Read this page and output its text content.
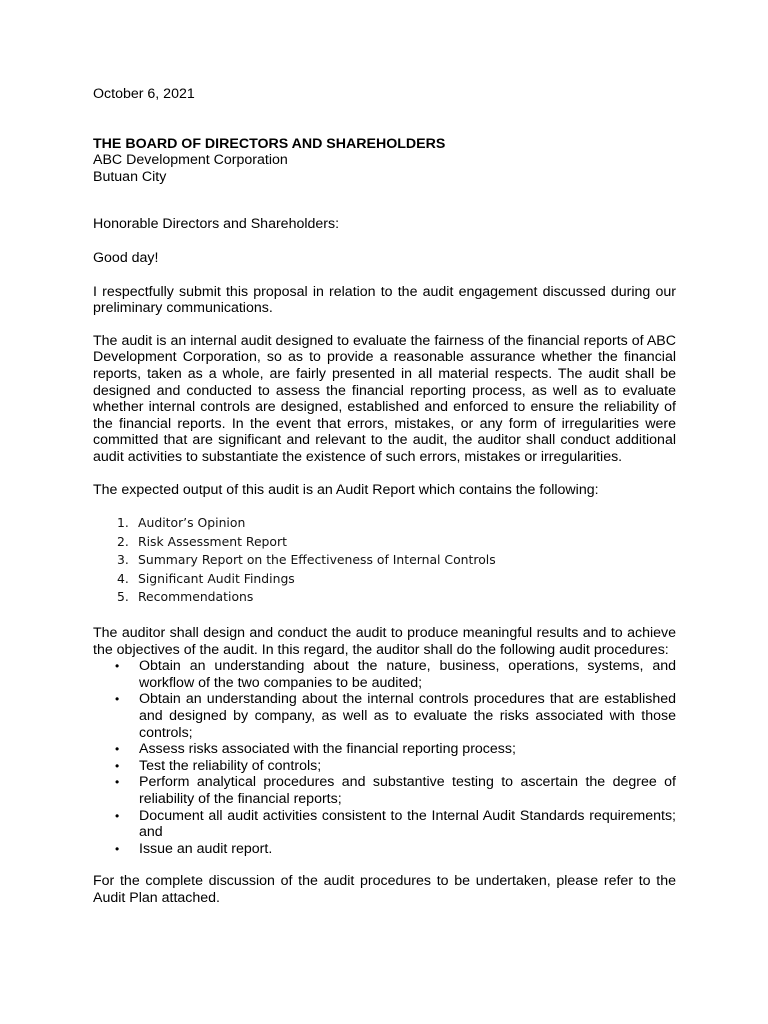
October 6, 2021

THE BOARD OF DIRECTORS AND SHAREHOLDERS
ABC Development Corporation
Butuan City

Honorable Directors and Shareholders:

Good day!

I respectfully submit this proposal in relation to the audit engagement discussed during our preliminary communications.

The audit is an internal audit designed to evaluate the fairness of the financial reports of ABC Development Corporation, so as to provide a reasonable assurance whether the financial reports, taken as a whole, are fairly presented in all material respects. The audit shall be designed and conducted to assess the financial reporting process, as well as to evaluate whether internal controls are designed, established and enforced to ensure the reliability of the financial reports. In the event that errors, mistakes, or any form of irregularities were committed that are significant and relevant to the audit, the auditor shall conduct additional audit activities to substantiate the existence of such errors, mistakes or irregularities.

The expected output of this audit is an Audit Report which contains the following:

1. Auditor’s Opinion
2. Risk Assessment Report
3. Summary Report on the Effectiveness of Internal Controls
4. Significant Audit Findings
5. Recommendations

The auditor shall design and conduct the audit to produce meaningful results and to achieve the objectives of the audit. In this regard, the auditor shall do the following audit procedures:

•	Obtain an understanding about the nature, business, operations, systems, and workflow of the two companies to be audited;
•	Obtain an understanding about the internal controls procedures that are established and designed by company, as well as to evaluate the risks associated with those controls;
•	Assess risks associated with the financial reporting process;
•	Test the reliability of controls;
•	Perform analytical procedures and substantive testing to ascertain the degree of reliability of the financial reports;
•	Document all audit activities consistent to the Internal Audit Standards requirements; and
•	Issue an audit report.

For the complete discussion of the audit procedures to be undertaken, please refer to the Audit Plan attached.
